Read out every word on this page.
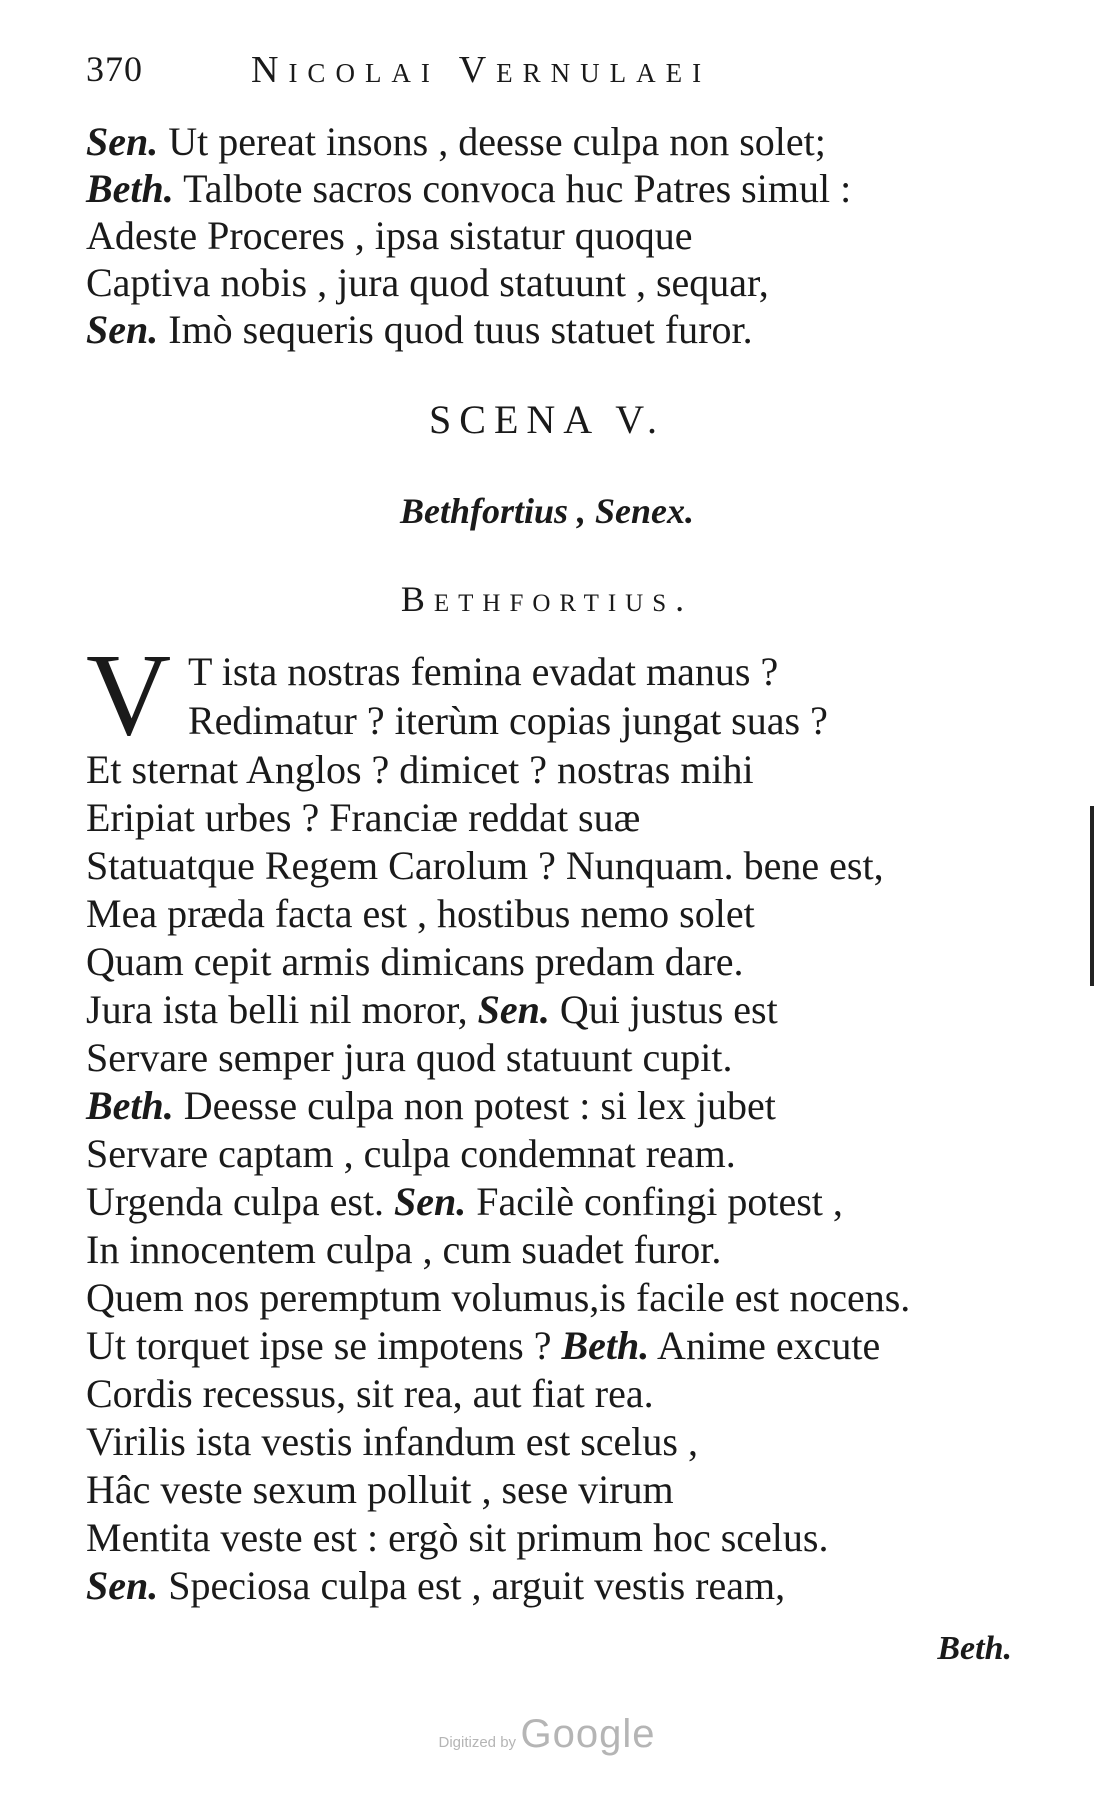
370	Nicolai Vernulaei
Sen. Ut pereat insons , deesse culpa non solet;
Beth. Talbote sacros convoca huc Patres simul :
Adeste Proceres , ipsa sistatur quoque
Captiva nobis , jura quod statuunt , sequar,
Sen. Imò sequeris quod tuus statuet furor.
SCENA V.
Bethfortius , Senex.
Bethfortius.
V T ista nostras femina evadat manus ?
Redimatur ? iterùm copias jungat suas ?
Et sternat Anglos ? dimicet ? nostras mihi
Eripiat urbes ? Franciæ reddat suæ
Statuatque Regem Carolum ? Nunquam. bene est,
Mea præda facta est , hostibus nemo solet
Quam cepit armis dimicans predam dare.
Jura ista belli nil moror, Sen. Qui justus est
Servare semper jura quod statuunt cupit.
Beth. Deesse culpa non potest : si lex jubet
Servare captam , culpa condemnat ream.
Urgenda culpa est. Sen. Facilè confingi potest ,
In innocentem culpa , cum suadet furor.
Quem nos peremptum volumus,is facile est nocens.
Ut torquet ipse se impotens ? Beth. Anime excute
Cordis recessus, sit rea, aut fiat rea.
Virilis ista vestis infandum est scelus ,
Hâc veste sexum polluit , sese virum
Mentita veste est : ergò sit primum hoc scelus.
Sen. Speciosa culpa est , arguit vestis ream,
Beth.
Digitized by Google
